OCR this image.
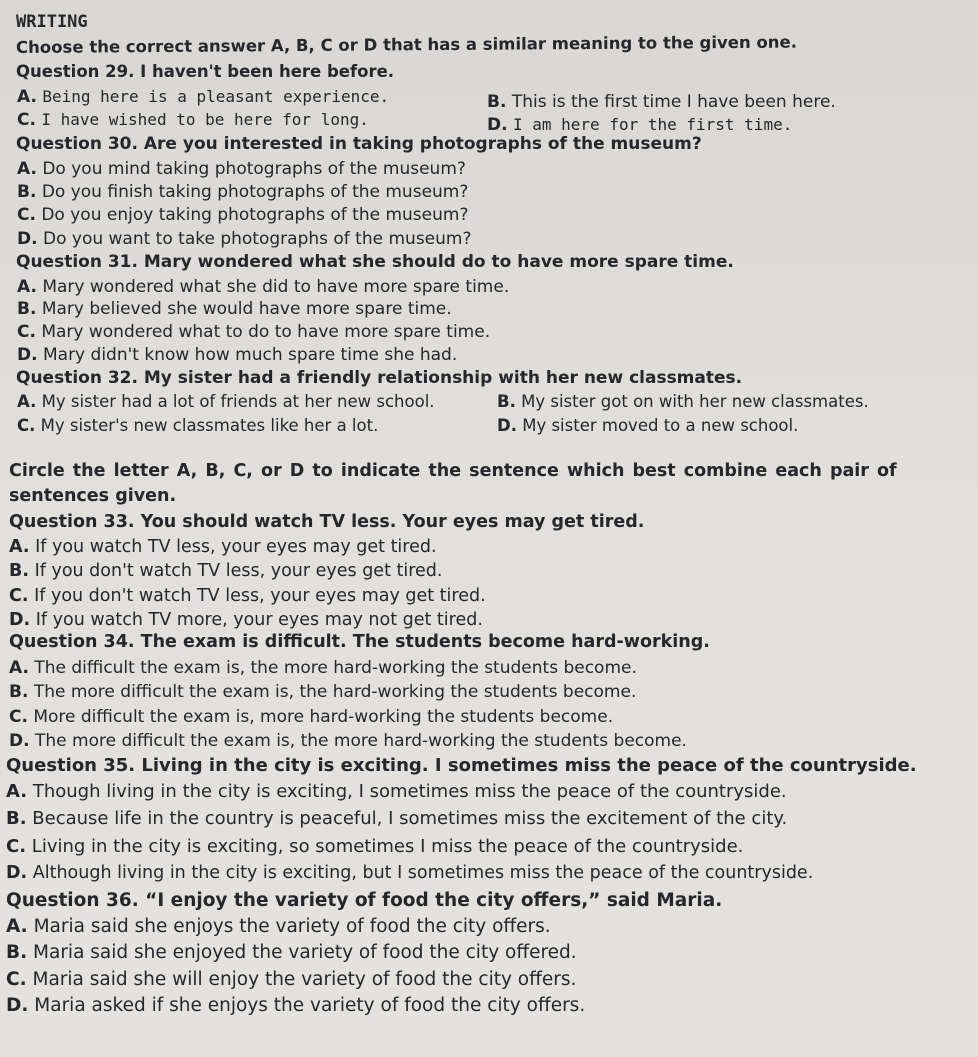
WRITING
Choose the correct answer A, B, C or D that has a similar meaning to the given one.
Question 29. I haven't been here before.
A. Being here is a pleasant experience.	B. This is the first time I have been here.
C. I have wished to be here for long.	D. I am here for the first time.
Question 30. Are you interested in taking photographs of the museum?
A. Do you mind taking photographs of the museum?
B. Do you finish taking photographs of the museum?
C. Do you enjoy taking photographs of the museum?
D. Do you want to take photographs of the museum?
Question 31. Mary wondered what she should do to have more spare time.
A. Mary wondered what she did to have more spare time.
B. Mary believed she would have more spare time.
C. Mary wondered what to do to have more spare time.
D. Mary didn't know how much spare time she had.
Question 32. My sister had a friendly relationship with her new classmates.
A. My sister had a lot of friends at her new school.	B. My sister got on with her new classmates.
C. My sister's new classmates like her a lot.	D. My sister moved to a new school.
Circle the letter A, B, C, or D to indicate the sentence which best combine each pair of
sentences given.
Question 33. You should watch TV less. Your eyes may get tired.
A. If you watch TV less, your eyes may get tired.
B. If you don't watch TV less, your eyes get tired.
C. If you don't watch TV less, your eyes may get tired.
D. If you watch TV more, your eyes may not get tired.
Question 34. The exam is difficult. The students become hard-working.
A. The difficult the exam is, the more hard-working the students become.
B. The more difficult the exam is, the hard-working the students become.
C. More difficult the exam is, more hard-working the students become.
D. The more difficult the exam is, the more hard-working the students become.
Question 35. Living in the city is exciting. I sometimes miss the peace of the countryside.
A. Though living in the city is exciting, I sometimes miss the peace of the countryside.
B. Because life in the country is peaceful, I sometimes miss the excitement of the city.
C. Living in the city is exciting, so sometimes I miss the peace of the countryside.
D. Although living in the city is exciting, but I sometimes miss the peace of the countryside.
Question 36. “I enjoy the variety of food the city offers,” said Maria.
A. Maria said she enjoys the variety of food the city offers.
B. Maria said she enjoyed the variety of food the city offered.
C. Maria said she will enjoy the variety of food the city offers.
D. Maria asked if she enjoys the variety of food the city offers.
